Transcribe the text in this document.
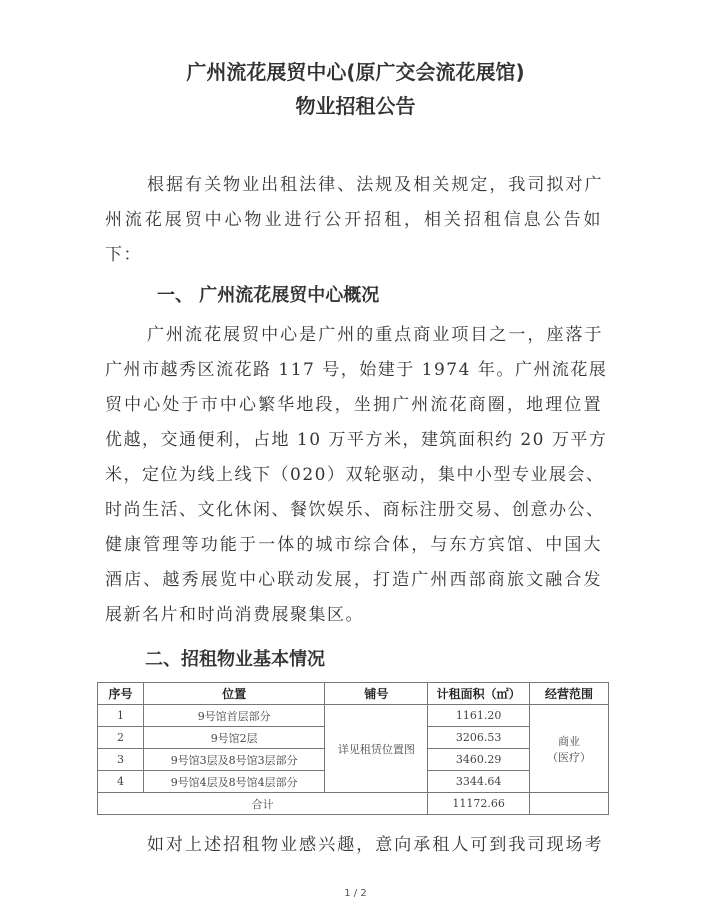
广州流花展贸中心(原广交会流花展馆)
物业招租公告
根据有关物业出租法律、法规及相关规定，我司拟对广
州流花展贸中心物业进行公开招租，相关招租信息公告如
下：
一、 广州流花展贸中心概况
广州流花展贸中心是广州的重点商业项目之一，座落于
广州市越秀区流花路 117 号，始建于 1974 年。广州流花展
贸中心处于市中心繁华地段，坐拥广州流花商圈，地理位置
优越，交通便利，占地 10 万平方米，建筑面积约 20 万平方
米，定位为线上线下（020）双轮驱动，集中小型专业展会、
时尚生活、文化休闲、餐饮娱乐、商标注册交易、创意办公、
健康管理等功能于一体的城市综合体，与东方宾馆、中国大
酒店、越秀展览中心联动发展，打造广州西部商旅文融合发
展新名片和时尚消费展聚集区。
二、招租物业基本情况
序号	位置	铺号	计租面积（㎡）	经营范围
1	9号馆首层部分	详见租赁位置图	1161.20	商业
（医疗）

2	9号馆2层		3206.53	
3	9号馆3层及8号馆3层部分		3460.29	
4	9号馆4层及8号馆4层部分		3344.64	
合计			11172.66	
如对上述招租物业感兴趣，意向承租人可到我司现场考
1 / 2
